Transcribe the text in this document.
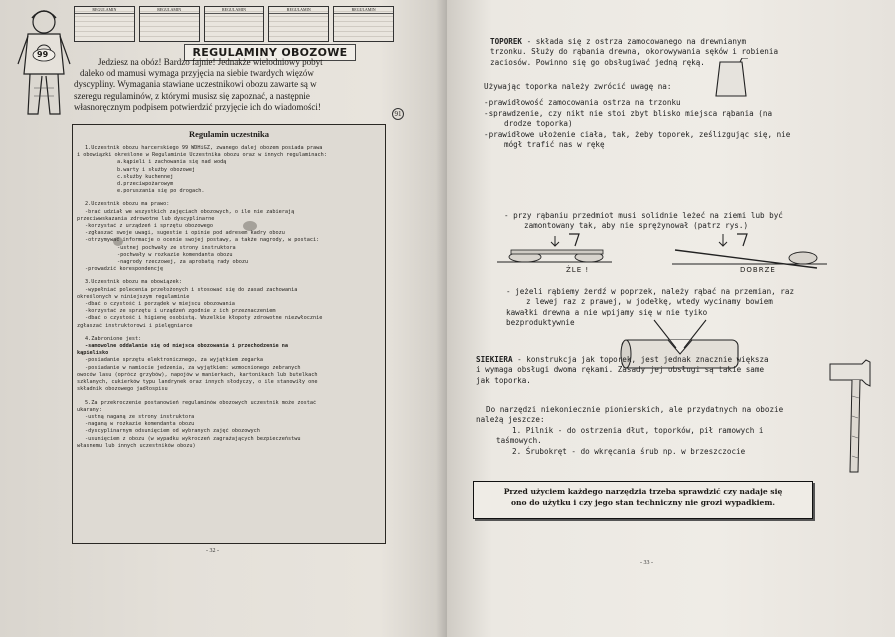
99
REGULAMIN	REGULAMIN	REGULAMIN	REGULAMIN	REGULAMIN
REGULAMINY OBOZOWE
Jedziesz na obóz! Bardzo fajnie! Jednakże wielodniowy pobyt
daleko od mamusi wymaga przyjęcia na siebie twardych więzów
dyscypliny. Wymagania stawiane uczestnikowi obozu zawarte są w
szeregu regulaminów, z którymi musisz się zapoznać, a następnie
własnoręcznym podpisem potwierdzić przyjęcie ich do wiadomości!
91
Regulamin uczestnika

1.Uczestnik obozu harcerskiego 99 WDHiGZ, zwanego dalej obozem posiada prawa

i obowiązki określone w Regulaminie Uczestnika obozu oraz w innych regulaminach:

a.kąpieli i zachowania się nad wodą

b.warty i służby obozowej

c.służby kuchennej

d.przeciwpożarowym

e.poruszania się po drogach.

2.Uczestnik obozu ma prawo:

-brać udział we wszystkich zajęciach obozowych, o ile nie zabierają

przeciwwskazania zdrowotne lub dyscyplinarne

-korzystać z urządzeń i sprzętu obozowego

-zgłaszać swoje uwagi, sugestie i opinie pod adresem kadry obozu

-otrzymywać informacje o ocenie swojej postawy, a także nagrody, w postaci:

-ustnej pochwały ze strony instruktora

-pochwały w rozkazie komendanta obozu

-nagrody rzeczowej, za aprobatą rady obozu

-prowadzić korespondencję

3.Uczestnik obozu ma obowiązek:

-wypełniać polecenia przełożonych i stosować się do zasad zachowania

określonych w niniejszym regulaminie

-dbać o czystość i porządek w miejscu obozowania

-korzystać ze sprzętu i urządzeń zgodnie z ich przeznaczeniem

-dbać o czystość i higienę osobistą. Wszelkie kłopoty zdrowotne niezwłocznie

zgłaszać instruktorowi i pielęgniarce

4.Zabronione jest:

-samowolne oddalanie się od miejsca obozowania i przechodzenie na

kąpielisko

-posiadanie sprzętu elektronicznego, za wyjątkiem zegarka

-posiadanie w namiocie jedzenia, za wyjątkiem: wzmocnionego zebranych

owoców lasu (oprócz grzybów), napojów w manierkach, kartonikach lub butelkach

szklanych, cukierków typu landrynek oraz innych słodyczy, o ile stanowiły one

składnik obozowego jadłospisu

5.Za przekroczenie postanowień regulaminów obozowych uczestnik może zostać

ukarany:

-ustną naganą ze strony instruktora

-naganą w rozkazie komendanta obozu

-dyscyplinarnym odsunięciem od wybranych zajęć obozowych

-usunięciem z obozu (w wypadku wykroczeń zagrażających bezpieczeństwu

własnemu lub innych uczestników obozu)

- 32 -

TOPOREK - składa się z ostrza zamocowanego na drewnianym

trzonku. Służy do rąbania drewna, okorowywania sęków i robienia

zaciosów. Powinno się go obsługiwać jedną ręką.

Używając toporka należy zwrócić uwagę na:

-prawidłowość zamocowania ostrza na trzonku

-sprawdzenie, czy nikt nie stoi zbyt blisko miejsca rąbania (na

drodze toporka)

-prawidłowe ułożenie ciała, tak, żeby toporek, ześlizgując się, nie

mógł trafić nas w rękę

- przy rąbaniu przedmiot musi solidnie leżeć na ziemi lub być

zamontowany tak, aby nie sprężynował (patrz rys.)

ŹLE !	DOBRZE

- jeżeli rąbiemy żerdź w poprzek, należy rąbać na przemian, raz

z lewej raz z prawej, w jodełkę, wtedy wycinamy bowiem

kawałki drewna a nie wpijamy się w nie tyiko

bezproduktywnie

SIEKIERA - konstrukcja jak toporek, jest jednak znacznie większa

i wymaga obsługi dwoma rękami. Zasady jej obsługi są takie same

jak toporka.

Do narzędzi niekoniecznie pionierskich, ale przydatnych na obozie

należą jeszcze:

1. Pilnik - do ostrzenia dłut, toporków, pił ramowych i

taśmowych.

2. Śrubokręt - do wkręcania śrub np. w brzeszczocie

Przed użyciem każdego narzędzia trzeba sprawdzić czy nadaje się
ono do użytku i czy jego stan techniczny nie grozi wypadkiem.
- 33 -
